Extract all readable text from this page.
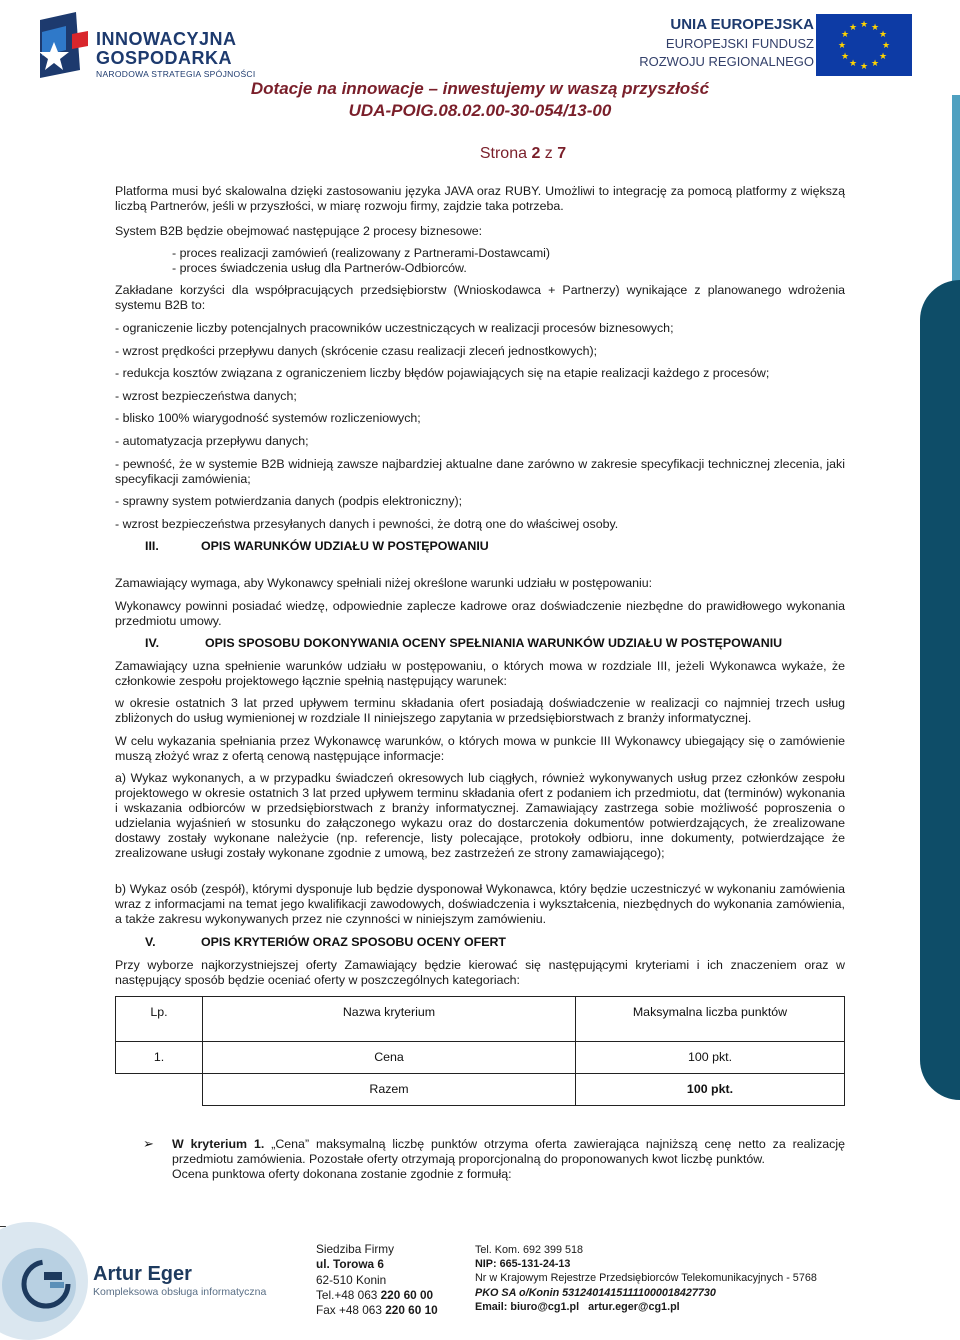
INNOWACYJNA
GOSPODARKA
NARODOWA STRATEGIA SPÓJNOŚCI
UNIA EUROPEJSKA
EUROPEJSKI FUNDUSZ
ROZWOJU REGIONALNEGO
★ ★
★
★
★
★
★
★
★
★
★
★
Dotacje na innowacje – inwestujemy w waszą przyszłość
UDA-POIG.08.02.00-30-054/13-00
Strona 2 z 7
Platforma musi być skalowalna dzięki zastosowaniu języka JAVA oraz RUBY. Umożliwi to integrację za pomocą platformy z większą liczbą Partnerów, jeśli w przyszłości, w miarę rozwoju firmy, zajdzie taka potrzeba.
System B2B będzie obejmować następujące 2 procesy biznesowe:
- proces realizacji zamówień (realizowany z Partnerami-Dostawcami)
- proces świadczenia usług dla Partnerów-Odbiorców.
Zakładane korzyści dla współpracujących przedsiębiorstw (Wnioskodawca + Partnerzy) wynikające z planowanego wdrożenia systemu B2B to:
- ograniczenie liczby potencjalnych pracowników uczestniczących w realizacji procesów biznesowych;
- wzrost prędkości przepływu danych (skrócenie czasu realizacji zleceń jednostkowych);
- redukcja kosztów związana z ograniczeniem liczby błędów pojawiających się na etapie realizacji każdego z procesów;
- wzrost bezpieczeństwa danych;
- blisko 100% wiarygodność systemów rozliczeniowych;
- automatyzacja przepływu danych;
- pewność, że w systemie B2B widnieją zawsze najbardziej aktualne dane zarówno w zakresie specyfikacji technicznej zlecenia, jaki specyfikacji zamówienia;
- sprawny system potwierdzania danych (podpis elektroniczny);
- wzrost bezpieczeństwa przesyłanych danych i pewności, że dotrą one do właściwej osoby.
III.	OPIS WARUNKÓW UDZIAŁU W POSTĘPOWANIU
Zamawiający wymaga, aby Wykonawcy spełniali niżej określone warunki udziału w postępowaniu:
Wykonawcy powinni posiadać wiedzę, odpowiednie zaplecze kadrowe oraz doświadczenie niezbędne do prawidłowego wykonania przedmiotu umowy.
IV.	OPIS SPOSOBU DOKONYWANIA OCENY SPEŁNIANIA WARUNKÓW UDZIAŁU W POSTĘPOWANIU
Zamawiający uzna spełnienie warunków udziału w postępowaniu, o których mowa w rozdziale III, jeżeli Wykonawca wykaże, że członkowie zespołu projektowego łącznie spełnią następujący warunek:
w okresie ostatnich 3 lat przed upływem terminu składania ofert posiadają doświadczenie w realizacji co najmniej trzech usług zbliżonych do usług wymienionej w rozdziale II niniejszego zapytania w przedsiębiorstwach z branży informatycznej.
W celu wykazania spełniania przez Wykonawcę warunków, o których mowa w punkcie III Wykonawcy ubiegający się o zamówienie muszą złożyć wraz z ofertą cenową następujące informacje:
a) Wykaz wykonanych, a w przypadku świadczeń okresowych lub ciągłych, również wykonywanych usług przez członków zespołu projektowego w okresie ostatnich 3 lat przed upływem terminu składania ofert z podaniem ich przedmiotu, dat (terminów) wykonania i wskazania odbiorców w przedsiębiorstwach z branży informatycznej. Zamawiający zastrzega sobie możliwość poproszenia o udzielania wyjaśnień w stosunku do załączonego wykazu oraz do dostarczenia dokumentów potwierdzających, że zrealizowane dostawy zostały wykonane należycie (np. referencje, listy polecające, protokoły odbioru, inne dokumenty, potwierdzające że zrealizowane usługi zostały wykonane zgodnie z umową, bez zastrzeżeń ze strony zamawiającego);
b) Wykaz osób (zespół), którymi dysponuje lub będzie dysponował Wykonawca, który będzie uczestniczyć w wykonaniu zamówienia wraz z informacjami na temat jego kwalifikacji zawodowych, doświadczenia i wykształcenia, niezbędnych do wykonania zamówienia, a także zakresu wykonywanych przez nie czynności w niniejszym zamówieniu.
V.	OPIS KRYTERIÓW ORAZ SPOSOBU OCENY OFERT
Przy wyborze najkorzystniejszej oferty Zamawiający będzie kierować się następującymi kryteriami i ich znaczeniem oraz w następujący sposób będzie oceniać oferty w poszczególnych kategoriach:
Lp.	Nazwa kryterium	Maksymalna liczba punktów
1.	Cena	100 pkt.
	Razem	100 pkt.
➢ W kryterium 1. „Cena” maksymalną liczbę punktów otrzyma oferta zawierająca najniższą cenę netto za realizację przedmiotu zamówienia. Pozostałe oferty otrzymają proporcjonalną do proponowanych kwot liczbę punktów.
Ocena punktowa oferty dokonana zostanie zgodnie z formułą:
Artur Eger
Kompleksowa obsługa informatyczna
Siedziba Firmy
ul. Torowa 6
62-510 Konin
Tel.+48 063 220 60 00
Fax +48 063 220 60 10
Tel. Kom. 692 399 518
NIP: 665-131-24-13
Nr w Krajowym Rejestrze Przedsiębiorców Telekomunikacyjnych - 5768
PKO SA o/Konin 53124014151111000018427730
Email: biuro@cg1.pl artur.eger@cg1.pl
